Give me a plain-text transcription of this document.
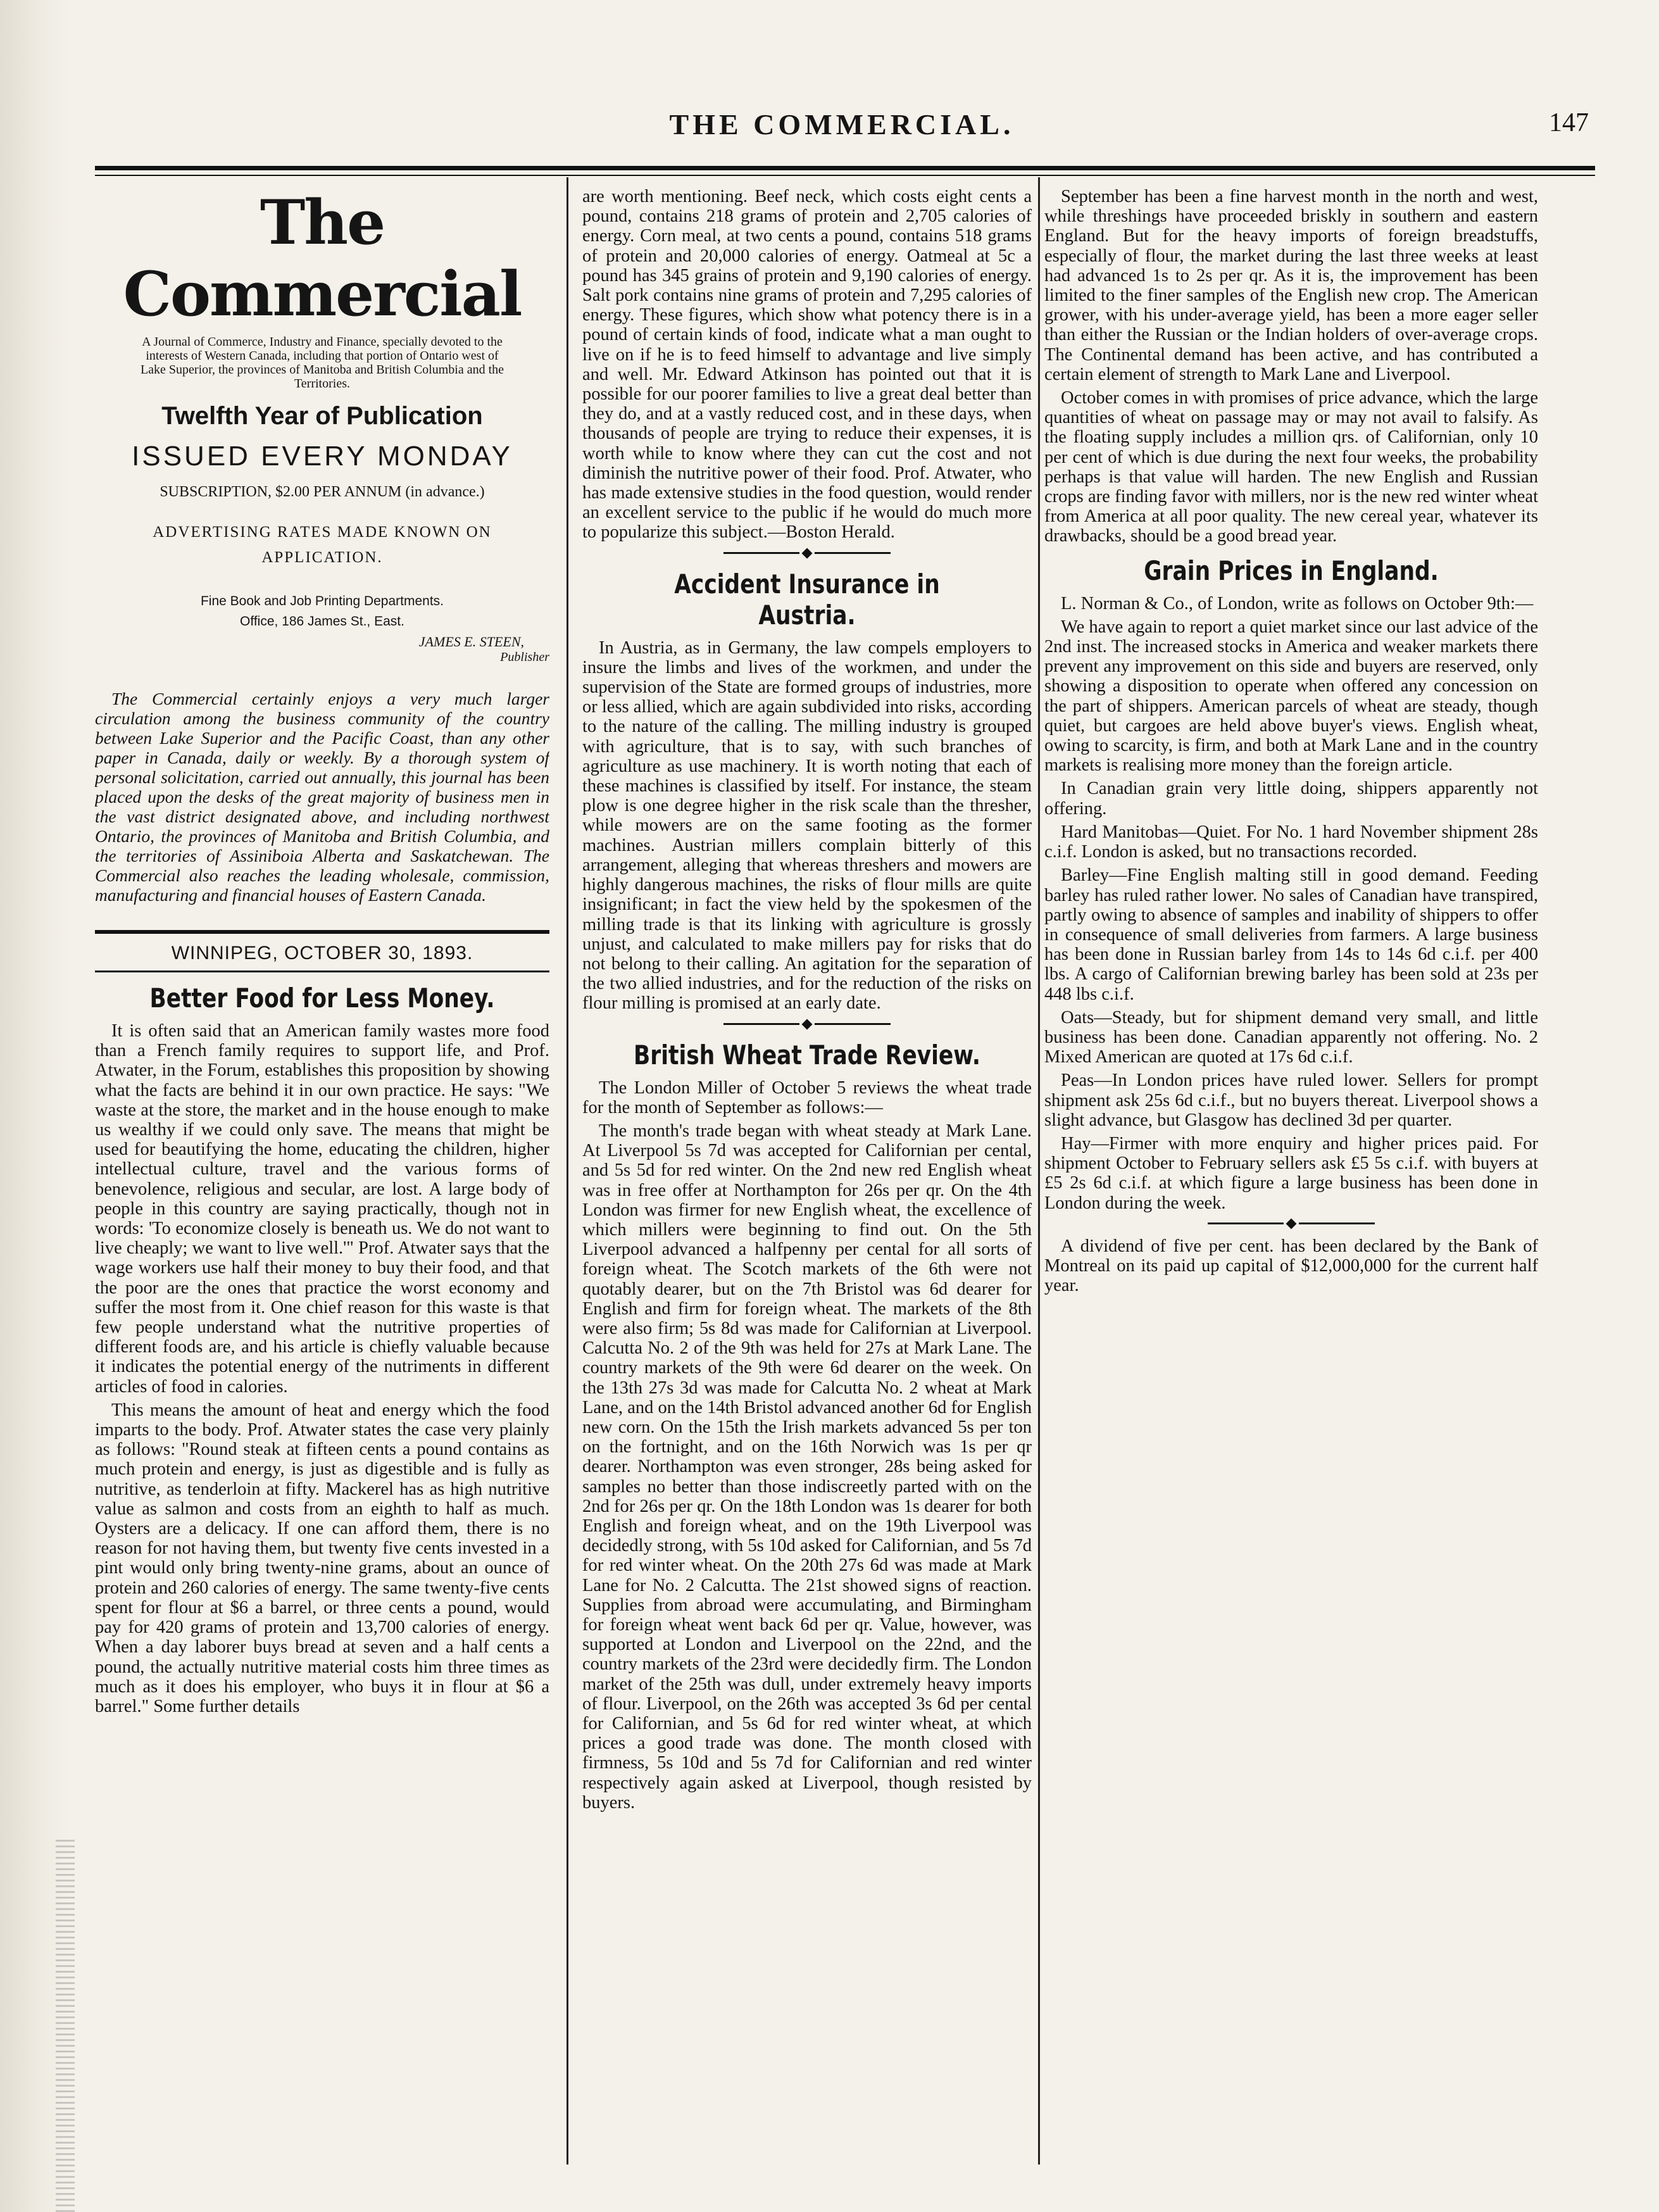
THE COMMERCIAL.	147
The Commercial
A Journal of Commerce, Industry and Finance, specially devoted to the interests of Western Canada, including that portion of Ontario west of Lake Superior, the provinces of Manitoba and British Columbia and the Territories.
Twelfth Year of Publication
ISSUED EVERY MONDAY
SUBSCRIPTION, $2.00 PER ANNUM (in advance.)
ADVERTISING RATES MADE KNOWN ON APPLICATION.
Fine Book and Job Printing Departments.
Office, 186 James St., East.
JAMES E. STEEN,
Publisher

The Commercial certainly enjoys a very much larger circulation among the business community of the country between Lake Superior and the Pacific Coast, than any other paper in Canada, daily or weekly. By a thorough system of personal solicitation, carried out annually, this journal has been placed upon the desks of the great majority of business men in the vast district designated above, and including northwest Ontario, the provinces of Manitoba and British Columbia, and the territories of Assiniboia Alberta and Saskatchewan. The Commercial also reaches the leading wholesale, commission, manufacturing and financial houses of Eastern Canada.

WINNIPEG, OCTOBER 30, 1893.
Better Food for Less Money.

It is often said that an American family wastes more food than a French family requires to support life, and Prof. Atwater, in the Forum, establishes this proposition by showing what the facts are behind it in our own practice. He says: "We waste at the store, the market and in the house enough to make us wealthy if we could only save. The means that might be used for beautifying the home, educating the children, higher intellectual culture, travel and the various forms of benevolence, religious and secular, are lost. A large body of people in this country are saying practically, though not in words: 'To economize closely is beneath us. We do not want to live cheaply; we want to live well.'" Prof. Atwater says that the wage workers use half their money to buy their food, and that the poor are the ones that practice the worst economy and suffer the most from it. One chief reason for this waste is that few people understand what the nutritive properties of different foods are, and his article is chiefly valuable because it indicates the potential energy of the nutriments in different articles of food in calories.

This means the amount of heat and energy which the food imparts to the body. Prof. Atwater states the case very plainly as follows: "Round steak at fifteen cents a pound contains as much protein and energy, is just as digestible and is fully as nutritive, as tenderloin at fifty. Mackerel has as high nutritive value as salmon and costs from an eighth to half as much. Oysters are a delicacy. If one can afford them, there is no reason for not having them, but twenty five cents invested in a pint would only bring twenty-nine grams, about an ounce of protein and 260 calories of energy. The same twenty-five cents spent for flour at $6 a barrel, or three cents a pound, would pay for 420 grams of protein and 13,700 calories of energy. When a day laborer buys bread at seven and a half cents a pound, the actually nutritive material costs him three times as much as it does his employer, who buys it in flour at $6 a barrel." Some further details

are worth mentioning. Beef neck, which costs eight cents a pound, contains 218 grams of protein and 2,705 calories of energy. Corn meal, at two cents a pound, contains 518 grams of protein and 20,000 calories of energy. Oatmeal at 5c a pound has 345 grains of protein and 9,190 calories of energy. Salt pork contains nine grams of protein and 7,295 calories of energy. These figures, which show what potency there is in a pound of certain kinds of food, indicate what a man ought to live on if he is to feed himself to advantage and live simply and well. Mr. Edward Atkinson has pointed out that it is possible for our poorer families to live a great deal better than they do, and at a vastly reduced cost, and in these days, when thousands of people are trying to reduce their expenses, it is worth while to know where they can cut the cost and not diminish the nutritive power of their food. Prof. Atwater, who has made extensive studies in the food question, would render an excellent service to the public if he would do much more to popularize this subject.—Boston Herald.

Accident Insurance in Austria.

In Austria, as in Germany, the law compels employers to insure the limbs and lives of the workmen, and under the supervision of the State are formed groups of industries, more or less allied, which are again subdivided into risks, according to the nature of the calling. The milling industry is grouped with agriculture, that is to say, with such branches of agriculture as use machinery. It is worth noting that each of these machines is classified by itself. For instance, the steam plow is one degree higher in the risk scale than the thresher, while mowers are on the same footing as the former machines. Austrian millers complain bitterly of this arrangement, alleging that whereas threshers and mowers are highly dangerous machines, the risks of flour mills are quite insignificant; in fact the view held by the spokesmen of the milling trade is that its linking with agriculture is grossly unjust, and calculated to make millers pay for risks that do not belong to their calling. An agitation for the separation of the two allied industries, and for the reduction of the risks on flour milling is promised at an early date.

British Wheat Trade Review.

The London Miller of October 5 reviews the wheat trade for the month of September as follows:—

The month's trade began with wheat steady at Mark Lane. At Liverpool 5s 7d was accepted for Californian per cental, and 5s 5d for red winter. On the 2nd new red English wheat was in free offer at Northampton for 26s per qr. On the 4th London was firmer for new English wheat, the excellence of which millers were beginning to find out. On the 5th Liverpool advanced a halfpenny per cental for all sorts of foreign wheat. The Scotch markets of the 6th were not quotably dearer, but on the 7th Bristol was 6d dearer for English and firm for foreign wheat. The markets of the 8th were also firm; 5s 8d was made for Californian at Liverpool. Calcutta No. 2 of the 9th was held for 27s at Mark Lane. The country markets of the 9th were 6d dearer on the week. On the 13th 27s 3d was made for Calcutta No. 2 wheat at Mark Lane, and on the 14th Bristol advanced another 6d for English new corn. On the 15th the Irish markets advanced 5s per ton on the fortnight, and on the 16th Norwich was 1s per qr dearer. Northampton was even stronger, 28s being asked for samples no better than those indiscreetly parted with on the 2nd for 26s per qr. On the 18th London was 1s dearer for both English and foreign wheat, and on the 19th Liverpool was decidedly strong, with 5s 10d asked for Californian, and 5s 7d for red winter wheat. On the 20th 27s 6d was made at Mark Lane for No. 2 Calcutta. The 21st showed signs of reaction. Supplies from abroad were accumulating, and Birmingham for foreign wheat went back 6d per qr. Value, however, was supported at London and Liverpool on the 22nd, and the country markets of the 23rd were decidedly firm. The London market of the 25th was dull, under extremely heavy imports of flour. Liverpool, on the 26th was accepted 3s 6d per cental for Californian, and 5s 6d for red winter wheat, at which prices a good trade was done. The month closed with firmness, 5s 10d and 5s 7d for Californian and red winter respectively again asked at Liverpool, though resisted by buyers.

September has been a fine harvest month in the north and west, while threshings have proceeded briskly in southern and eastern England. But for the heavy imports of foreign breadstuffs, especially of flour, the market during the last three weeks at least had advanced 1s to 2s per qr. As it is, the improvement has been limited to the finer samples of the English new crop. The American grower, with his under-average yield, has been a more eager seller than either the Russian or the Indian holders of over-average crops. The Continental demand has been active, and has contributed a certain element of strength to Mark Lane and Liverpool.

October comes in with promises of price advance, which the large quantities of wheat on passage may or may not avail to falsify. As the floating supply includes a million qrs. of Californian, only 10 per cent of which is due during the next four weeks, the probability perhaps is that value will harden. The new English and Russian crops are finding favor with millers, nor is the new red winter wheat from America at all poor quality. The new cereal year, whatever its drawbacks, should be a good bread year.

Grain Prices in England.

L. Norman & Co., of London, write as follows on October 9th:—

We have again to report a quiet market since our last advice of the 2nd inst. The increased stocks in America and weaker markets there prevent any improvement on this side and buyers are reserved, only showing a disposition to operate when offered any concession on the part of shippers. American parcels of wheat are steady, though quiet, but cargoes are held above buyer's views. English wheat, owing to scarcity, is firm, and both at Mark Lane and in the country markets is realising more money than the foreign article.

In Canadian grain very little doing, shippers apparently not offering.

Hard Manitobas—Quiet. For No. 1 hard November shipment 28s c.i.f. London is asked, but no transactions recorded.

Barley—Fine English malting still in good demand. Feeding barley has ruled rather lower. No sales of Canadian have transpired, partly owing to absence of samples and inability of shippers to offer in consequence of small deliveries from farmers. A large business has been done in Russian barley from 14s to 14s 6d c.i.f. per 400 lbs. A cargo of Californian brewing barley has been sold at 23s per 448 lbs c.i.f.

Oats—Steady, but for shipment demand very small, and little business has been done. Canadian apparently not offering. No. 2 Mixed American are quoted at 17s 6d c.i.f.

Peas—In London prices have ruled lower. Sellers for prompt shipment ask 25s 6d c.i.f., but no buyers thereat. Liverpool shows a slight advance, but Glasgow has declined 3d per quarter.

Hay—Firmer with more enquiry and higher prices paid. For shipment October to February sellers ask £5 5s c.i.f. with buyers at £5 2s 6d c.i.f. at which figure a large business has been done in London during the week.

A dividend of five per cent. has been declared by the Bank of Montreal on its paid up capital of $12,000,000 for the current half year.
